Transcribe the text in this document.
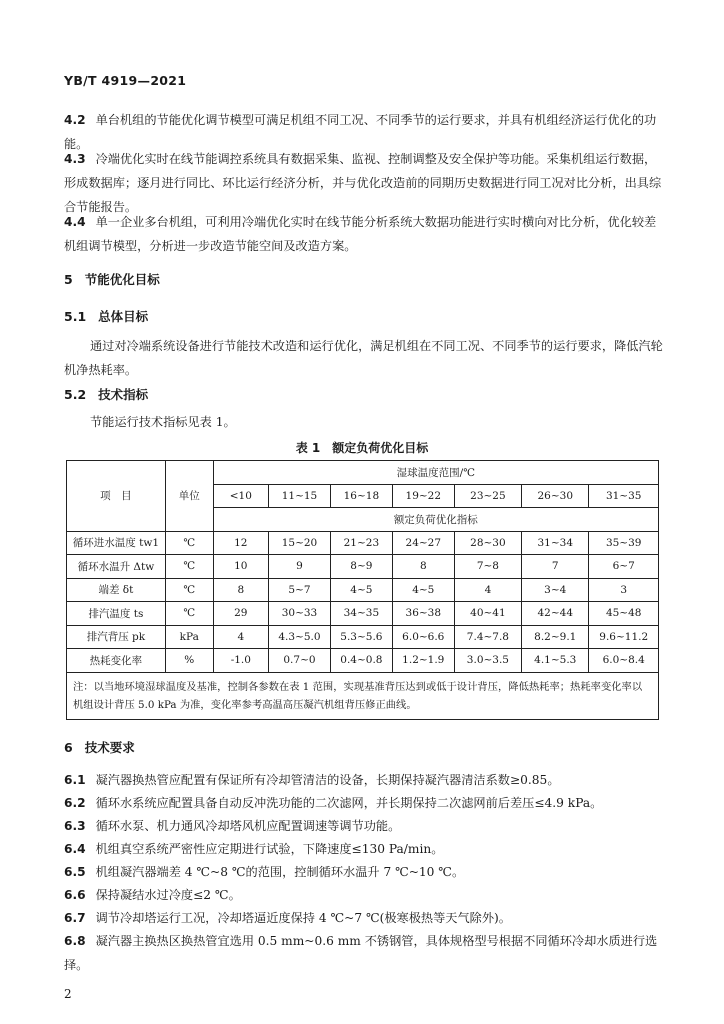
YB/T 4919—2021
4.2 单台机组的节能优化调节模型可满足机组不同工况、不同季节的运行要求，并具有机组经济运行优化的功能。
4.3 冷端优化实时在线节能调控系统具有数据采集、监视、控制调整及安全保护等功能。采集机组运行数据，形成数据库；逐月进行同比、环比运行经济分析，并与优化改造前的同期历史数据进行同工况对比分析，出具综合节能报告。
4.4 单一企业多台机组，可利用冷端优化实时在线节能分析系统大数据功能进行实时横向对比分析，优化较差机组调节模型，分析进一步改造节能空间及改造方案。
5 节能优化目标
5.1 总体目标
通过对冷端系统设备进行节能技术改造和运行优化，满足机组在不同工况、不同季节的运行要求，降低汽轮机净热耗率。
5.2 技术指标
节能运行技术指标见表 1。
表 1　额定负荷优化目标
项　目	单位	湿球温度范围/℃						
		<10	11~15	16~18	19~22	23~25	26~30	31~35
		额定负荷优化指标						
循环进水温度 tw1	℃	12	15~20	21~23	24~27	28~30	31~34	35~39
循环水温升 Δtw	℃	10	9	8~9	8	7~8	7	6~7
端差 δt	℃	8	5~7	4~5	4~5	4	3~4	3
排汽温度 ts	℃	29	30~33	34~35	36~38	40~41	42~44	45~48
排汽背压 pk	kPa	4	4.3~5.0	5.3~5.6	6.0~6.6	7.4~7.8	8.2~9.1	9.6~11.2
热耗变化率	%	-1.0	0.7~0	0.4~0.8	1.2~1.9	3.0~3.5	4.1~5.3	6.0~8.4
注：以当地环境湿球温度及基准，控制各参数在表 1 范围，实现基准背压达到或低于设计背压，降低热耗率；热耗率变化率以机组设计背压 5.0 kPa 为准，变化率参考高温高压凝汽机组背压修正曲线。								
6 技术要求
6.1 凝汽器换热管应配置有保证所有冷却管清洁的设备，长期保持凝汽器清洁系数≥0.85。
6.2 循环水系统应配置具备自动反冲洗功能的二次滤网，并长期保持二次滤网前后差压≤4.9 kPa。
6.3 循环水泵、机力通风冷却塔风机应配置调速等调节功能。
6.4 机组真空系统严密性应定期进行试验，下降速度≤130 Pa/min。
6.5 机组凝汽器端差 4 ℃~8 ℃的范围，控制循环水温升 7 ℃~10 ℃。
6.6 保持凝结水过冷度≤2 ℃。
6.7 调节冷却塔运行工况，冷却塔逼近度保持 4 ℃~7 ℃(极寒极热等天气除外)。
6.8 凝汽器主换热区换热管宜选用 0.5 mm~0.6 mm 不锈钢管，具体规格型号根据不同循环冷却水质进行选择。
2
